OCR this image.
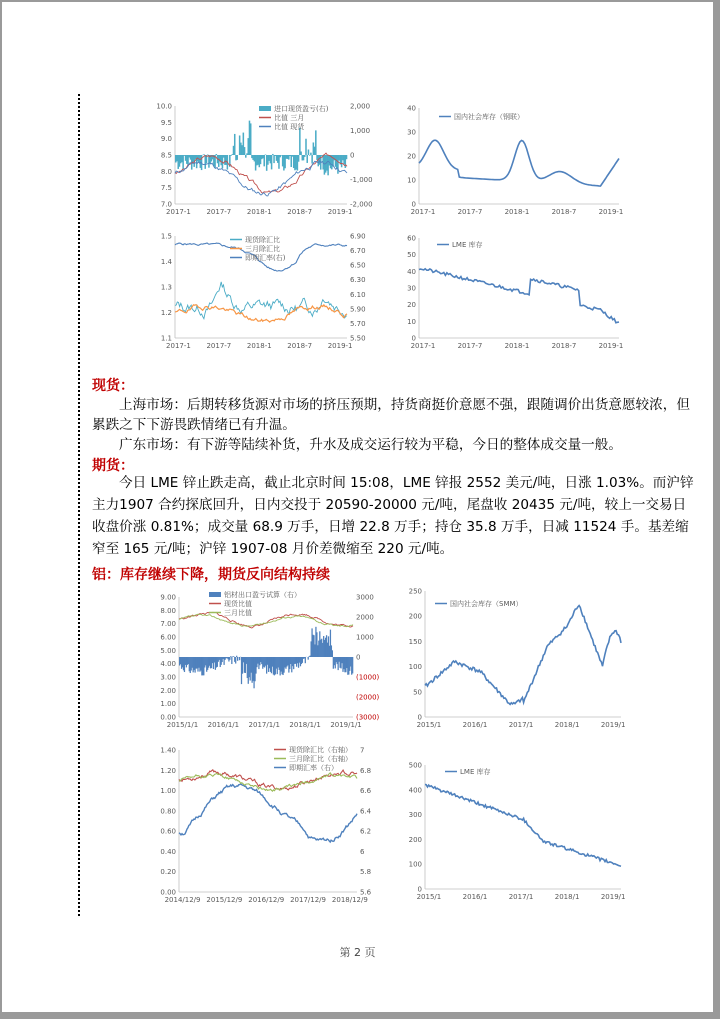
10.0
9.5
9.0
8.5
8.0
7.5
7.0
2,000
1,000
0
-1,000
-2,000
2017-1 2017-7 2018-1 2018-7 2019-1
进口现货盈亏(右)
比值 三月
比值 现货
40
30
20
10
0
2017-1	2017-7	2018-1	2018-7	2019-1
国内社会库存（钢联）
1.5
1.4
1.3
1.2
1.1
6.90
6.70
6.50
6.30
6.10
5.90
5.70
5.50
2017-1 2017-7 2018-1 2018-7 2019-1
现货除汇比
三月除汇比
即期汇率(右)
60
50
40
30
20
10
0
2017-1	2017-7	2018-1	2018-7	2019-1
LME 库存
9.00
8.00
7.00
6.00
5.00
4.00
3.00
2.00
1.00
0.00
3000
2000
1000
0
(1000)
(2000)
(3000)
2015/1/1 2016/1/1 2017/1/1 2018/1/1 2019/1/1
铝材出口盈亏试算（右）
现货比值
三月比值
250
200
150
100
50
0
2015/1	2016/1	2017/1	2018/1	2019/1
国内社会库存（SMM）
1.40
1.20
1.00
0.80
0.60
0.40
0.20
0.00
7
6.8
6.6
6.4
6.2
6
5.8
5.6
2014/12/9 2015/12/9 2016/12/9 2017/12/9 2018/12/9
现货除汇比（右轴）
三月除汇比（右轴）
即期汇率（右）	500
400
300
200
100
0
2015/1	2016/1	2017/1	2018/1	2019/1
LME 库存
现货：
上海市场：后期转移货源对市场的挤压预期，持货商挺价意愿不强，跟随调价出货意愿较浓，但累跌之下下游畏跌情绪已有升温。
广东市场：有下游等陆续补货，升水及成交运行较为平稳，今日的整体成交量一般。
期货：
今日 LME 锌止跌走高，截止北京时间 15:08，LME 锌报 2552 美元/吨，日涨 1.03%。而沪锌主力1907 合约探底回升，日内交投于 20590-20000 元/吨，尾盘收 20435 元/吨，较上一交易日收盘价涨 0.81%；成交量 68.9 万手，日增 22.8 万手；持仓 35.8 万手，日减 11524 手。基差缩窄至 165 元/吨；沪锌 1907-08 月价差微缩至 220 元/吨。
铝：库存继续下降，期货反向结构持续
第 2 页
